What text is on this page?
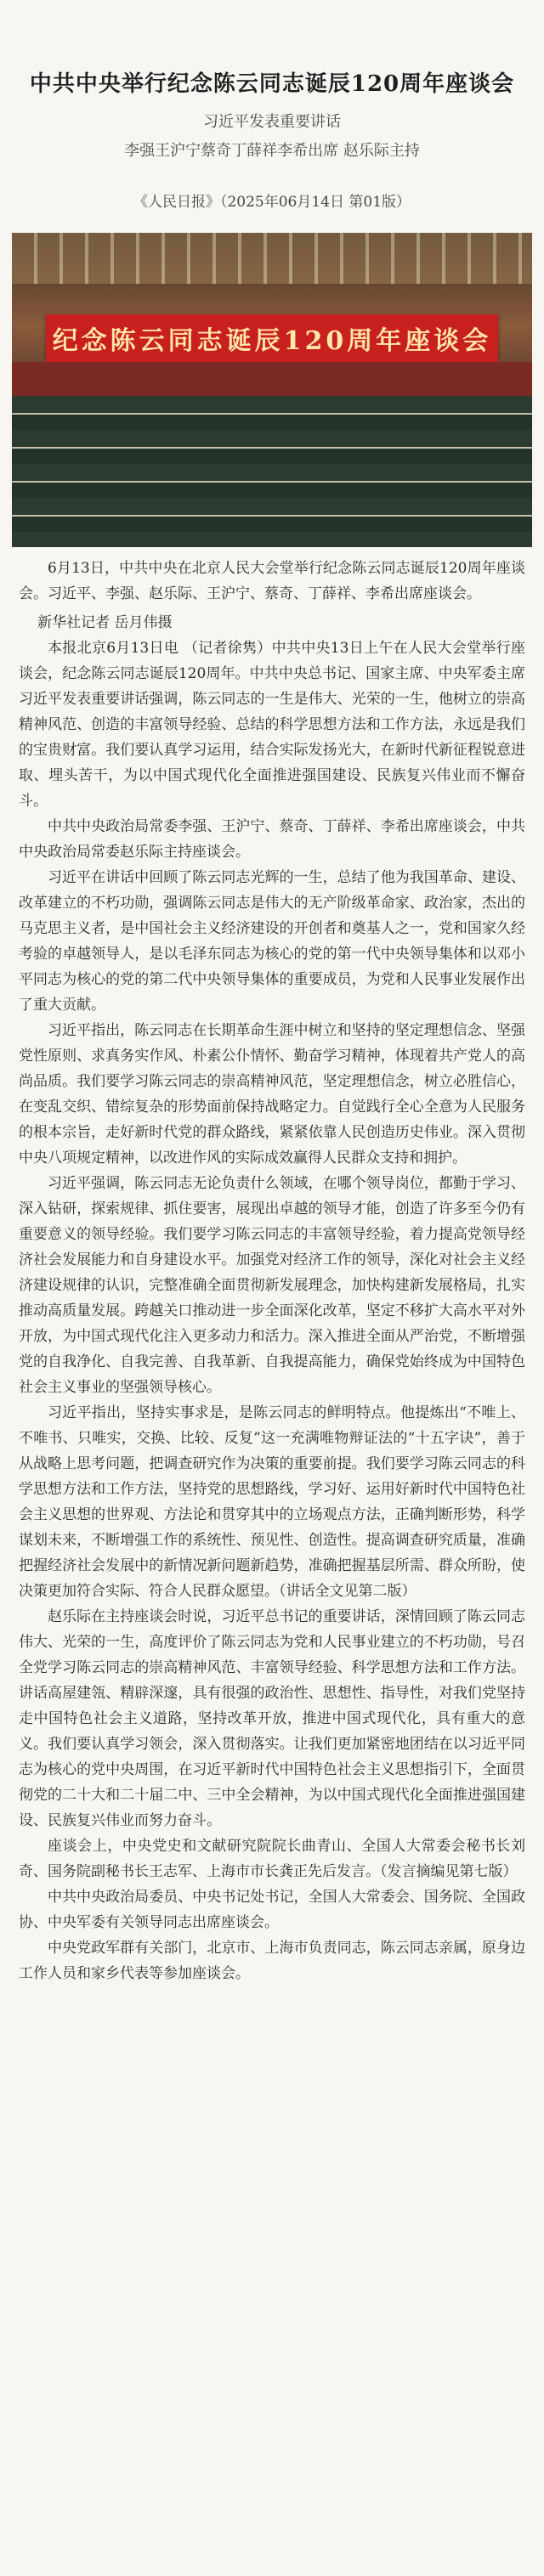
中共中央举行纪念陈云同志诞辰120周年座谈会
习近平发表重要讲话
李强王沪宁蔡奇丁薛祥李希出席 赵乐际主持
《人民日报》（2025年06月14日 第01版）
纪念陈云同志诞辰120周年座谈会

6月13日，中共中央在北京人民大会堂举行纪念陈云同志诞辰120周年座谈会。习近平、李强、赵乐际、王沪宁、蔡奇、丁薛祥、李希出席座谈会。

新华社记者 岳月伟摄

本报北京6月13日电 （记者徐隽）中共中央13日上午在人民大会堂举行座谈会，纪念陈云同志诞辰120周年。中共中央总书记、国家主席、中央军委主席习近平发表重要讲话强调，陈云同志的一生是伟大、光荣的一生，他树立的崇高精神风范、创造的丰富领导经验、总结的科学思想方法和工作方法，永远是我们的宝贵财富。我们要认真学习运用，结合实际发扬光大，在新时代新征程锐意进取、埋头苦干，为以中国式现代化全面推进强国建设、民族复兴伟业而不懈奋斗。

中共中央政治局常委李强、王沪宁、蔡奇、丁薛祥、李希出席座谈会，中共中央政治局常委赵乐际主持座谈会。

习近平在讲话中回顾了陈云同志光辉的一生，总结了他为我国革命、建设、改革建立的不朽功勋，强调陈云同志是伟大的无产阶级革命家、政治家，杰出的马克思主义者，是中国社会主义经济建设的开创者和奠基人之一，党和国家久经考验的卓越领导人，是以毛泽东同志为核心的党的第一代中央领导集体和以邓小平同志为核心的党的第二代中央领导集体的重要成员，为党和人民事业发展作出了重大贡献。

习近平指出，陈云同志在长期革命生涯中树立和坚持的坚定理想信念、坚强党性原则、求真务实作风、朴素公仆情怀、勤奋学习精神，体现着共产党人的高尚品质。我们要学习陈云同志的崇高精神风范，坚定理想信念，树立必胜信心，在变乱交织、错综复杂的形势面前保持战略定力。自觉践行全心全意为人民服务的根本宗旨，走好新时代党的群众路线，紧紧依靠人民创造历史伟业。深入贯彻中央八项规定精神，以改进作风的实际成效赢得人民群众支持和拥护。

习近平强调，陈云同志无论负责什么领域，在哪个领导岗位，都勤于学习、深入钻研，探索规律、抓住要害，展现出卓越的领导才能，创造了许多至今仍有重要意义的领导经验。我们要学习陈云同志的丰富领导经验，着力提高党领导经济社会发展能力和自身建设水平。加强党对经济工作的领导，深化对社会主义经济建设规律的认识，完整准确全面贯彻新发展理念，加快构建新发展格局，扎实推动高质量发展。跨越关口推动进一步全面深化改革，坚定不移扩大高水平对外开放，为中国式现代化注入更多动力和活力。深入推进全面从严治党，不断增强党的自我净化、自我完善、自我革新、自我提高能力，确保党始终成为中国特色社会主义事业的坚强领导核心。

习近平指出，坚持实事求是，是陈云同志的鲜明特点。他提炼出“不唯上、不唯书、只唯实，交换、比较、反复”这一充满唯物辩证法的“十五字诀”，善于从战略上思考问题，把调查研究作为决策的重要前提。我们要学习陈云同志的科学思想方法和工作方法，坚持党的思想路线，学习好、运用好新时代中国特色社会主义思想的世界观、方法论和贯穿其中的立场观点方法，正确判断形势，科学谋划未来，不断增强工作的系统性、预见性、创造性。提高调查研究质量，准确把握经济社会发展中的新情况新问题新趋势，准确把握基层所需、群众所盼，使决策更加符合实际、符合人民群众愿望。（讲话全文见第二版）

赵乐际在主持座谈会时说，习近平总书记的重要讲话，深情回顾了陈云同志伟大、光荣的一生，高度评价了陈云同志为党和人民事业建立的不朽功勋，号召全党学习陈云同志的崇高精神风范、丰富领导经验、科学思想方法和工作方法。讲话高屋建瓴、精辟深邃，具有很强的政治性、思想性、指导性，对我们党坚持走中国特色社会主义道路，坚持改革开放，推进中国式现代化，具有重大的意义。我们要认真学习领会，深入贯彻落实。让我们更加紧密地团结在以习近平同志为核心的党中央周围，在习近平新时代中国特色社会主义思想指引下，全面贯彻党的二十大和二十届二中、三中全会精神，为以中国式现代化全面推进强国建设、民族复兴伟业而努力奋斗。

座谈会上，中央党史和文献研究院院长曲青山、全国人大常委会秘书长刘奇、国务院副秘书长王志军、上海市市长龚正先后发言。（发言摘编见第七版）

中共中央政治局委员、中央书记处书记，全国人大常委会、国务院、全国政协、中央军委有关领导同志出席座谈会。

中央党政军群有关部门，北京市、上海市负责同志，陈云同志亲属，原身边工作人员和家乡代表等参加座谈会。
